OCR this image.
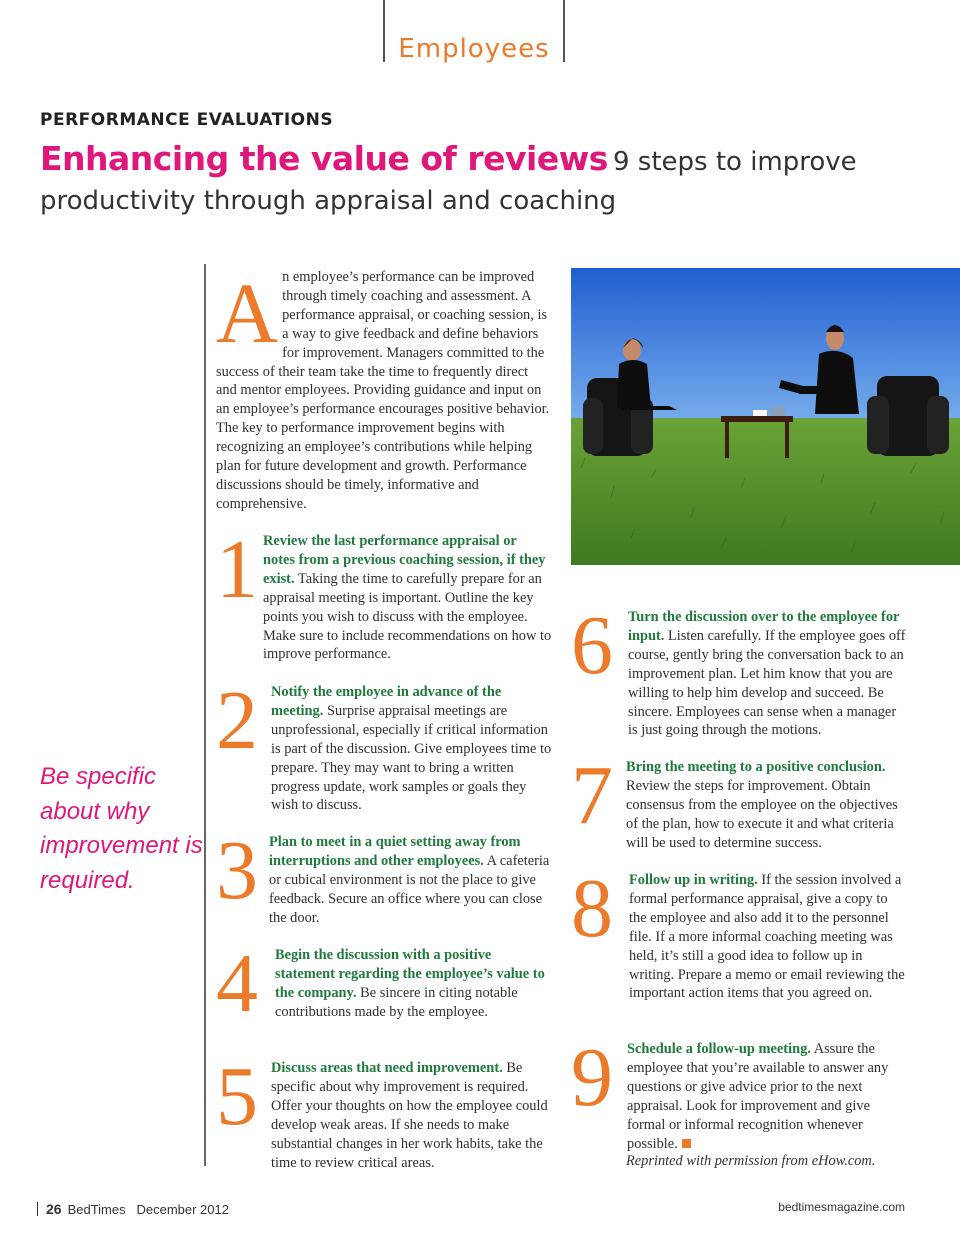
Employees
PERFORMANCE EVALUATIONS
Enhancing the value of reviews 9 steps to improve productivity through appraisal and coaching
Be specific about why improvement is required.
An employee’s performance can be improved through timely coaching and assessment. A performance appraisal, or coaching session, is a way to give feedback and define behaviors for improvement. Managers committed to the success of their team take the time to frequently direct and mentor employees. Providing guidance and input on an employee’s performance encourages positive behavior. The key to performance improvement begins with recognizing an employee’s contributions while helping plan for future development and growth. Performance discussions should be timely, informative and comprehensive.
1 Review the last performance appraisal or notes from a previous coaching session, if they exist. Taking the time to carefully prepare for an appraisal meeting is important. Outline the key points you wish to discuss with the employee. Make sure to include recommendations on how to improve performance.
2 Notify the employee in advance of the meeting. Surprise appraisal meetings are unprofessional, especially if critical information is part of the discussion. Give employees time to prepare. They may want to bring a written progress update, work samples or goals they wish to discuss.
3 Plan to meet in a quiet setting away from interruptions and other employees. A cafeteria or cubical environment is not the place to give feedback. Secure an office where you can close the door.
4 Begin the discussion with a positive statement regarding the employee’s value to the company. Be sincere in citing notable contributions made by the employee.
5 Discuss areas that need improvement. Be specific about why improvement is required. Offer your thoughts on how the employee could develop weak areas. If she needs to make substantial changes in her work habits, take the time to review critical areas.
6 Turn the discussion over to the employee for input. Listen carefully. If the employee goes off course, gently bring the conversation back to an improvement plan. Let him know that you are willing to help him develop and succeed. Be sincere. Employees can sense when a manager is just going through the motions.
7 Bring the meeting to a positive conclusion. Review the steps for improvement. Obtain consensus from the employee on the objectives of the plan, how to execute it and what criteria will be used to determine success.
8 Follow up in writing. If the session involved a formal performance appraisal, give a copy to the employee and also add it to the personnel file. If a more informal coaching meeting was held, it’s still a good idea to follow up in writing. Prepare a memo or email reviewing the important action items that you agreed on.
9 Schedule a follow-up meeting. Assure the employee that you’re available to answer any questions or give advice prior to the next appraisal. Look for improvement and give formal or informal recognition whenever possible.
Reprinted with permission from eHow.com.
26 BedTimes December 2012	bedtimesmagazine.com
